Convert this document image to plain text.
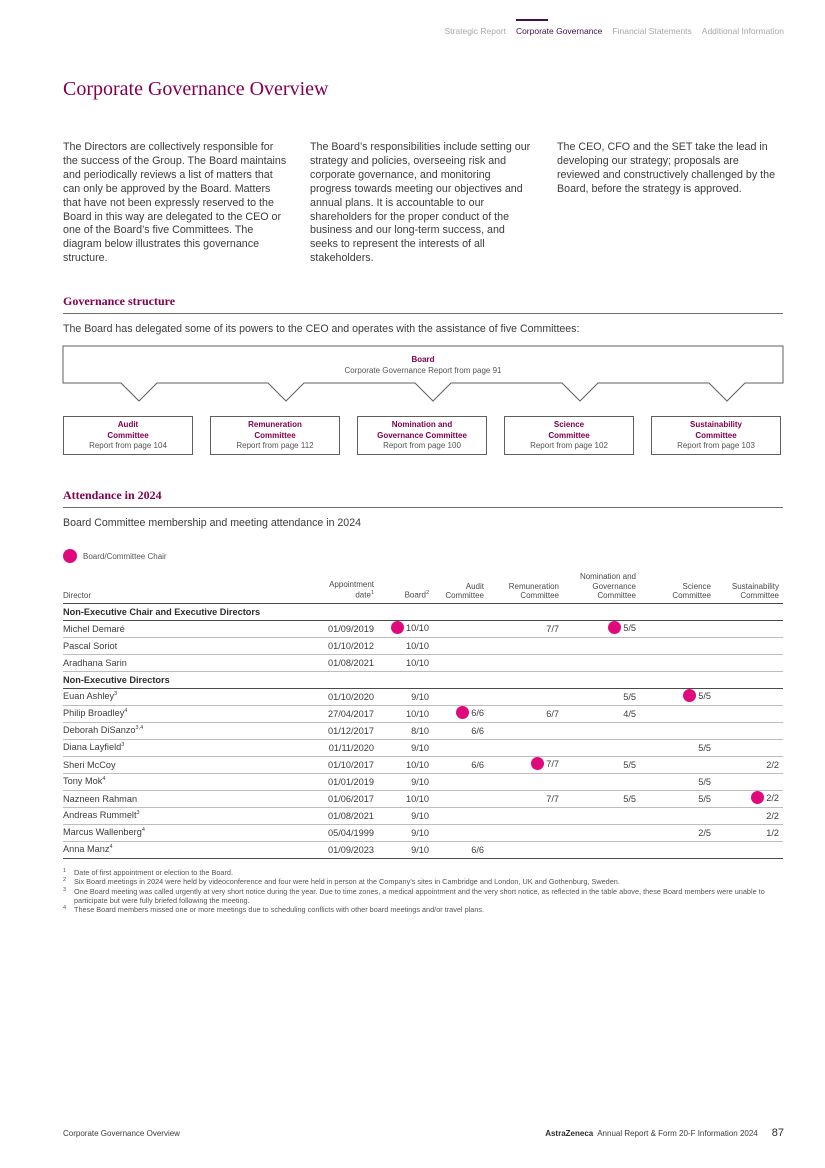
Strategic Report Corporate Governance Financial Statements Additional Information
Corporate Governance Overview

The Directors are collectively responsible for the success of the Group. The Board maintains and periodically reviews a list of matters that can only be approved by the Board. Matters that have not been expressly reserved to the Board in this way are delegated to the CEO or one of the Board’s five Committees. The diagram below illustrates this governance structure.

The Board’s responsibilities include setting our strategy and policies, overseeing risk and corporate governance, and monitoring progress towards meeting our objectives and annual plans. It is accountable to our shareholders for the proper conduct of the business and our long-term success, and seeks to represent the interests of all stakeholders.

The CEO, CFO and the SET take the lead in developing our strategy; proposals are reviewed and constructively challenged by the Board, before the strategy is approved.

Governance structure

The Board has delegated some of its powers to the CEO and operates with the assistance of five Committees:

Board
Corporate Governance Report from page 91
Audit
Committee
Report from page 104
Remuneration
Committee
Report from page 112
Nomination and
Governance Committee
Report from page 100
Science
Committee
Report from page 102
Sustainability
Committee
Report from page 103
Attendance in 2024

Board Committee membership and meeting attendance in 2024

Board/Committee Chair
Director	Appointment
date$^1$	Board$^2$	Audit
Committee	Remuneration
Committee	Nomination and
Governance
Committee	Science
Committee	Sustainability
Committee
Non-Executive Chair and Executive Directors							
Michel Demaré	01/09/2019	10/10		7/7	5/5		
Pascal Soriot	01/10/2012	10/10					
Aradhana Sarin	01/08/2021	10/10					
Non-Executive Directors							
Euan Ashley$^3$	01/10/2020	9/10			5/5	5/5	
Philip Broadley$^4$	27/04/2017	10/10	6/6	6/7	4/5		
Deborah DiSanzo$^{3,4}$	01/12/2017	8/10	6/6				
Diana Layfield$^3$	01/11/2020	9/10				5/5	
Sheri McCoy	01/10/2017	10/10	6/6	7/7	5/5		2/2
Tony Mok$^4$	01/01/2019	9/10				5/5	
Nazneen Rahman	01/06/2017	10/10		7/7	5/5	5/5	2/2
Andreas Rummelt$^3$	01/08/2021	9/10					2/2
Marcus Wallenberg$^4$	05/04/1999	9/10				2/5	1/2
Anna Manz$^4$	01/09/2023	9/10	6/6				
1	Date of first appointment or election to the Board.
2	Six Board meetings in 2024 were held by videoconference and four were held in person at the Company’s sites in Cambridge and London, UK and Gothenburg, Sweden.
3	One Board meeting was called urgently at very short notice during the year. Due to time zones, a medical appointment and the very short notice, as reflected in the table above, these Board members were unable to participate but were fully briefed following the meeting.
4	These Board members missed one or more meetings due to scheduling conflicts with other board meetings and/or travel plans.
Corporate Governance Overview	AstraZeneca Annual Report & Form 20-F Information 2024 87
